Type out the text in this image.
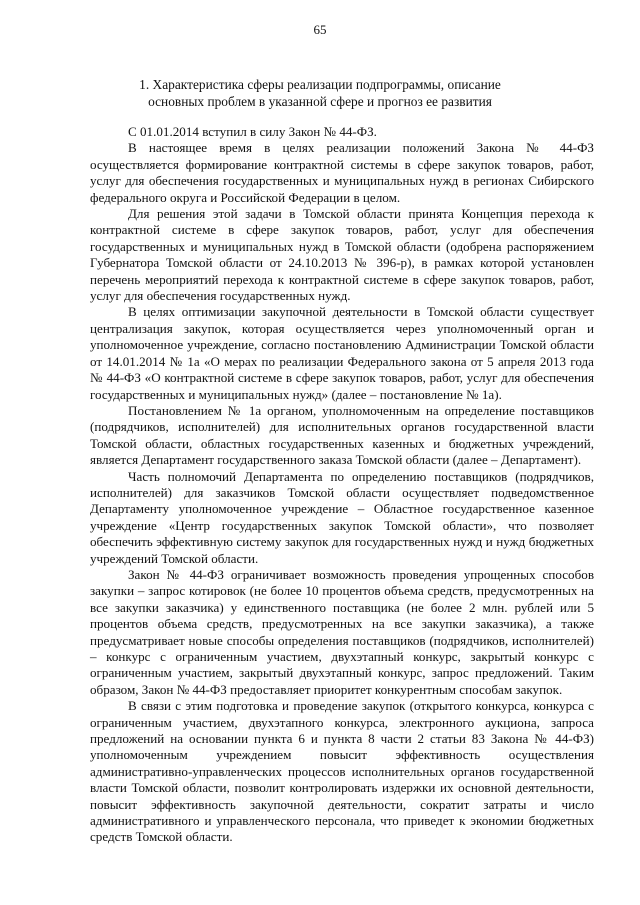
65
1. Характеристика сферы реализации подпрограммы, описание
основных проблем в указанной сфере и прогноз ее развития

С 01.01.2014 вступил в силу Закон № 44-ФЗ.

В настоящее время в целях реализации положений Закона № 44-ФЗ осуществляется формирование контрактной системы в сфере закупок товаров, работ, услуг для обеспечения государственных и муниципальных нужд в регионах Сибирского федерального округа и Российской Федерации в целом.

Для решения этой задачи в Томской области принята Концепция перехода к контрактной системе в сфере закупок товаров, работ, услуг для обеспечения государственных и муниципальных нужд в Томской области (одобрена распоряжением Губернатора Томской области от 24.10.2013 № 396-р), в рамках которой установлен перечень мероприятий перехода к контрактной системе в сфере закупок товаров, работ, услуг для обеспечения государственных нужд.

В целях оптимизации закупочной деятельности в Томской области существует централизация закупок, которая осуществляется через уполномоченный орган и уполномоченное учреждение, согласно постановлению Администрации Томской области от 14.01.2014 № 1а «О мерах по реализации Федерального закона от 5 апреля 2013 года № 44-ФЗ «О контрактной системе в сфере закупок товаров, работ, услуг для обеспечения государственных и муниципальных нужд» (далее – постановление № 1а).

Постановлением № 1а органом, уполномоченным на определение поставщиков (подрядчиков, исполнителей) для исполнительных органов государственной власти Томской области, областных государственных казенных и бюджетных учреждений, является Департамент государственного заказа Томской области (далее – Департамент).

Часть полномочий Департамента по определению поставщиков (подрядчиков, исполнителей) для заказчиков Томской области осуществляет подведомственное Департаменту уполномоченное учреждение – Областное государственное казенное учреждение «Центр государственных закупок Томской области», что позволяет обеспечить эффективную систему закупок для государственных нужд и нужд бюджетных учреждений Томской области.

Закон № 44-ФЗ ограничивает возможность проведения упрощенных способов закупки – запрос котировок (не более 10 процентов объема средств, предусмотренных на все закупки заказчика) у единственного поставщика (не более 2 млн. рублей или 5 процентов объема средств, предусмотренных на все закупки заказчика), а также предусматривает новые способы определения поставщиков (подрядчиков, исполнителей) – конкурс с ограниченным участием, двухэтапный конкурс, закрытый конкурс с ограниченным участием, закрытый двухэтапный конкурс, запрос предложений. Таким образом, Закон № 44-ФЗ предоставляет приоритет конкурентным способам закупок.

В связи с этим подготовка и проведение закупок (открытого конкурса, конкурса с ограниченным участием, двухэтапного конкурса, электронного аукциона, запроса предложений на основании пункта 6 и пункта 8 части 2 статьи 83 Закона № 44-ФЗ) уполномоченным учреждением повысит эффективность осуществления административно-управленческих процессов исполнительных органов государственной власти Томской области, позволит контролировать издержки их основной деятельности, повысит эффективность закупочной деятельности, сократит затраты и число административного и управленческого персонала, что приведет к экономии бюджетных средств Томской области.
